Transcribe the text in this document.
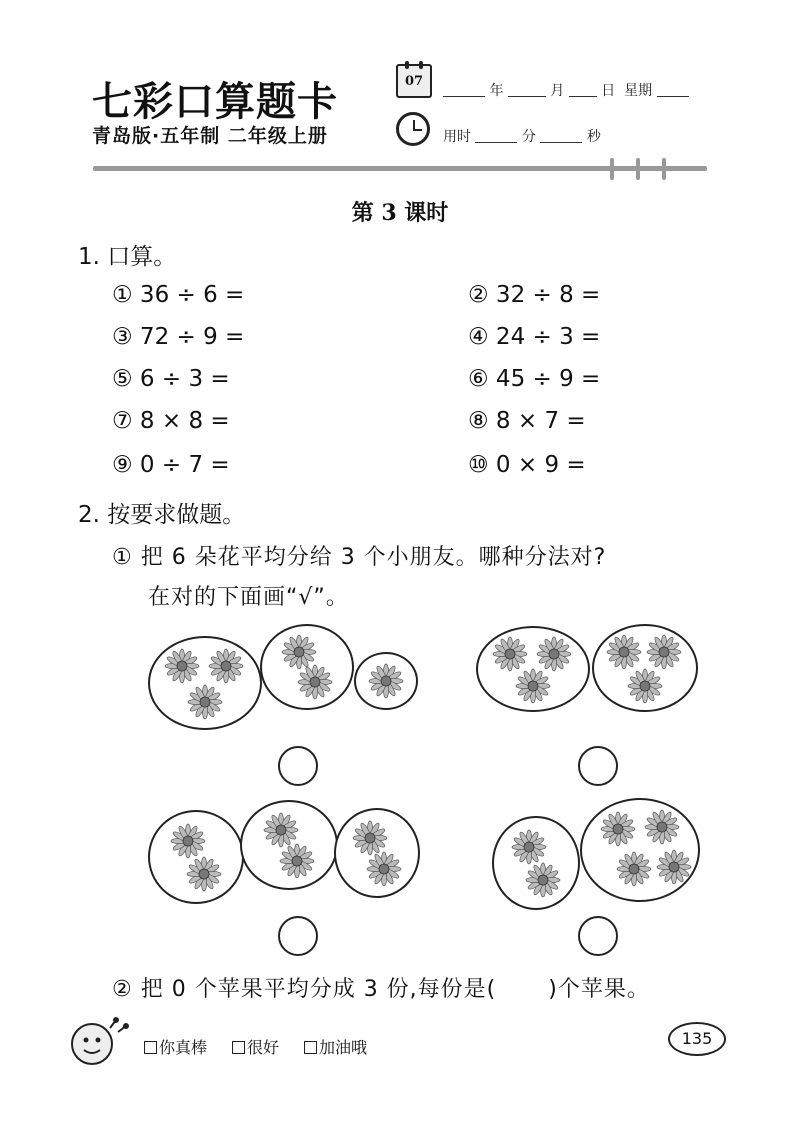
七彩口算题卡
青岛版·五年制 二年级上册
07
年	月	日 星期
用时	分	秒
第 3 课时
1. 口算。
① 36 ÷ 6 =	② 32 ÷ 8 =
③ 72 ÷ 9 =	④ 24 ÷ 3 =
⑤ 6 ÷ 3 =	⑥ 45 ÷ 9 =
⑦ 8 × 8 =	⑧ 8 × 7 =
⑨ 0 ÷ 7 =	⑩ 0 × 9 =
2. 按要求做题。
① 把 6 朵花平均分给 3 个小朋友。哪种分法对?
在对的下面画“√”。
② 把 0 个苹果平均分成 3 份,每份是( )个苹果。
你真棒	很好	加油哦	135
